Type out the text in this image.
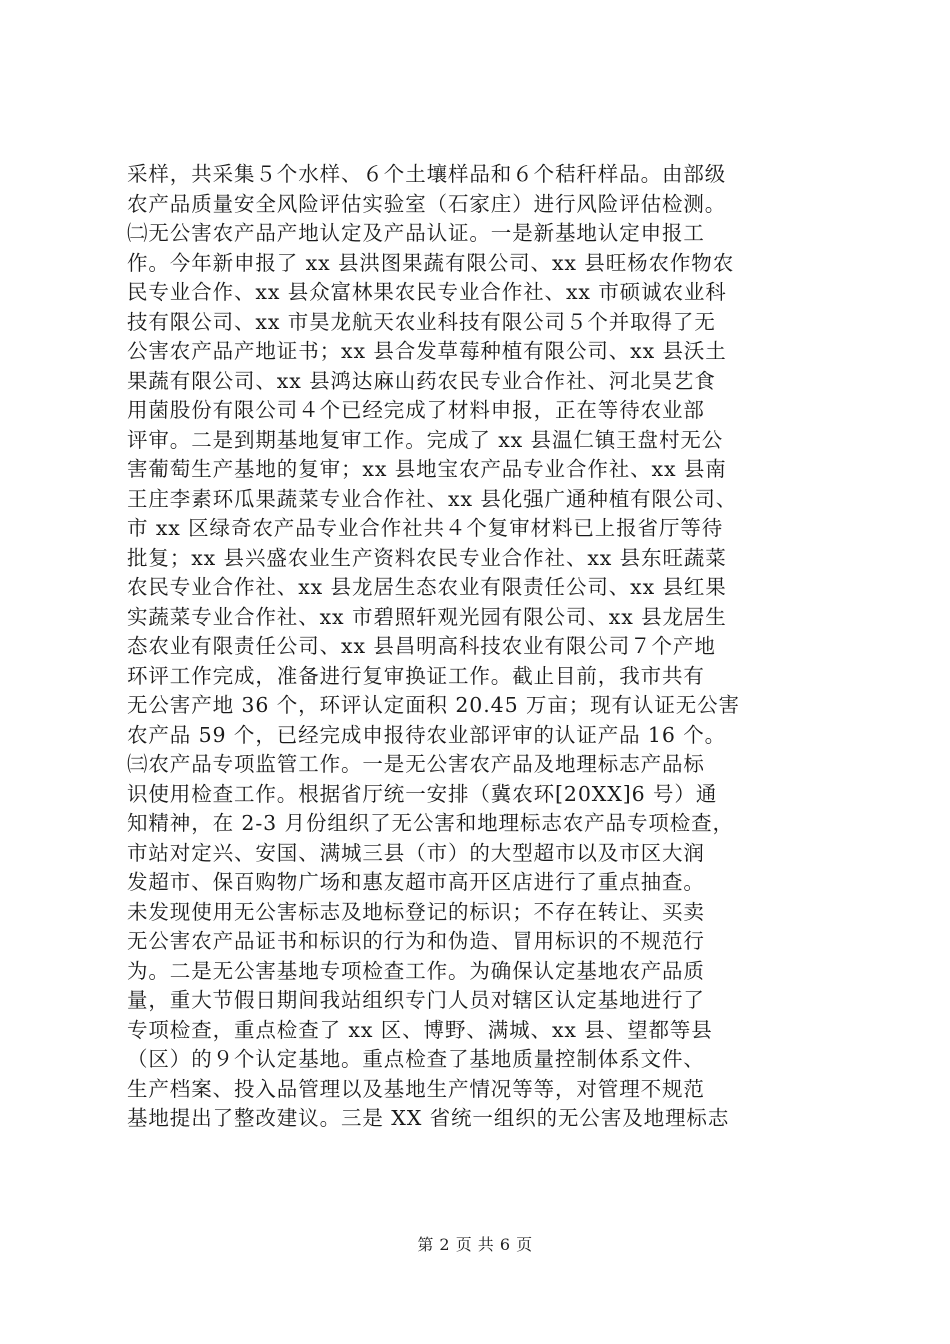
采样，共采集５个水样、６个土壤样品和６个秸秆样品。由部级
农产品质量安全风险评估实验室（石家庄）进行风险评估检测。
㈡无公害农产品产地认定及产品认证。一是新基地认定申报工
作。今年新申报了 xx 县洪图果蔬有限公司、xx 县旺杨农作物农
民专业合作、xx 县众富林果农民专业合作社、xx 市硕诚农业科
技有限公司、xx 市昊龙航天农业科技有限公司５个并取得了无
公害农产品产地证书；xx 县合发草莓种植有限公司、xx 县沃土
果蔬有限公司、xx 县鸿达麻山药农民专业合作社、河北昊艺食
用菌股份有限公司４个已经完成了材料申报，正在等待农业部
评审。二是到期基地复审工作。完成了 xx 县温仁镇王盘村无公
害葡萄生产基地的复审；xx 县地宝农产品专业合作社、xx 县南
王庄李素环瓜果蔬菜专业合作社、xx 县化强广通种植有限公司、
市 xx 区绿奇农产品专业合作社共４个复审材料已上报省厅等待
批复；xx 县兴盛农业生产资料农民专业合作社、xx 县东旺蔬菜
农民专业合作社、xx 县龙居生态农业有限责任公司、xx 县红果
实蔬菜专业合作社、xx 市碧照轩观光园有限公司、xx 县龙居生
态农业有限责任公司、xx 县昌明高科技农业有限公司７个产地
环评工作完成，准备进行复审换证工作。截止目前，我市共有
无公害产地 36 个，环评认定面积 20.45 万亩；现有认证无公害
农产品 59 个，已经完成申报待农业部评审的认证产品 16 个。
㈢农产品专项监管工作。一是无公害农产品及地理标志产品标
识使用检查工作。根据省厅统一安排（冀农环[20XX]6 号）通
知精神，在 2-3 月份组织了无公害和地理标志农产品专项检查，
市站对定兴、安国、满城三县（市）的大型超市以及市区大润
发超市、保百购物广场和惠友超市高开区店进行了重点抽查。
未发现使用无公害标志及地标登记的标识；不存在转让、买卖
无公害农产品证书和标识的行为和伪造、冒用标识的不规范行
为。二是无公害基地专项检查工作。为确保认定基地农产品质
量，重大节假日期间我站组织专门人员对辖区认定基地进行了
专项检查，重点检查了 xx 区、博野、满城、xx 县、望都等县
（区）的９个认定基地。重点检查了基地质量控制体系文件、
生产档案、投入品管理以及基地生产情况等等，对管理不规范
基地提出了整改建议。三是 XX 省统一组织的无公害及地理标志
第 2 页 共 6 页
